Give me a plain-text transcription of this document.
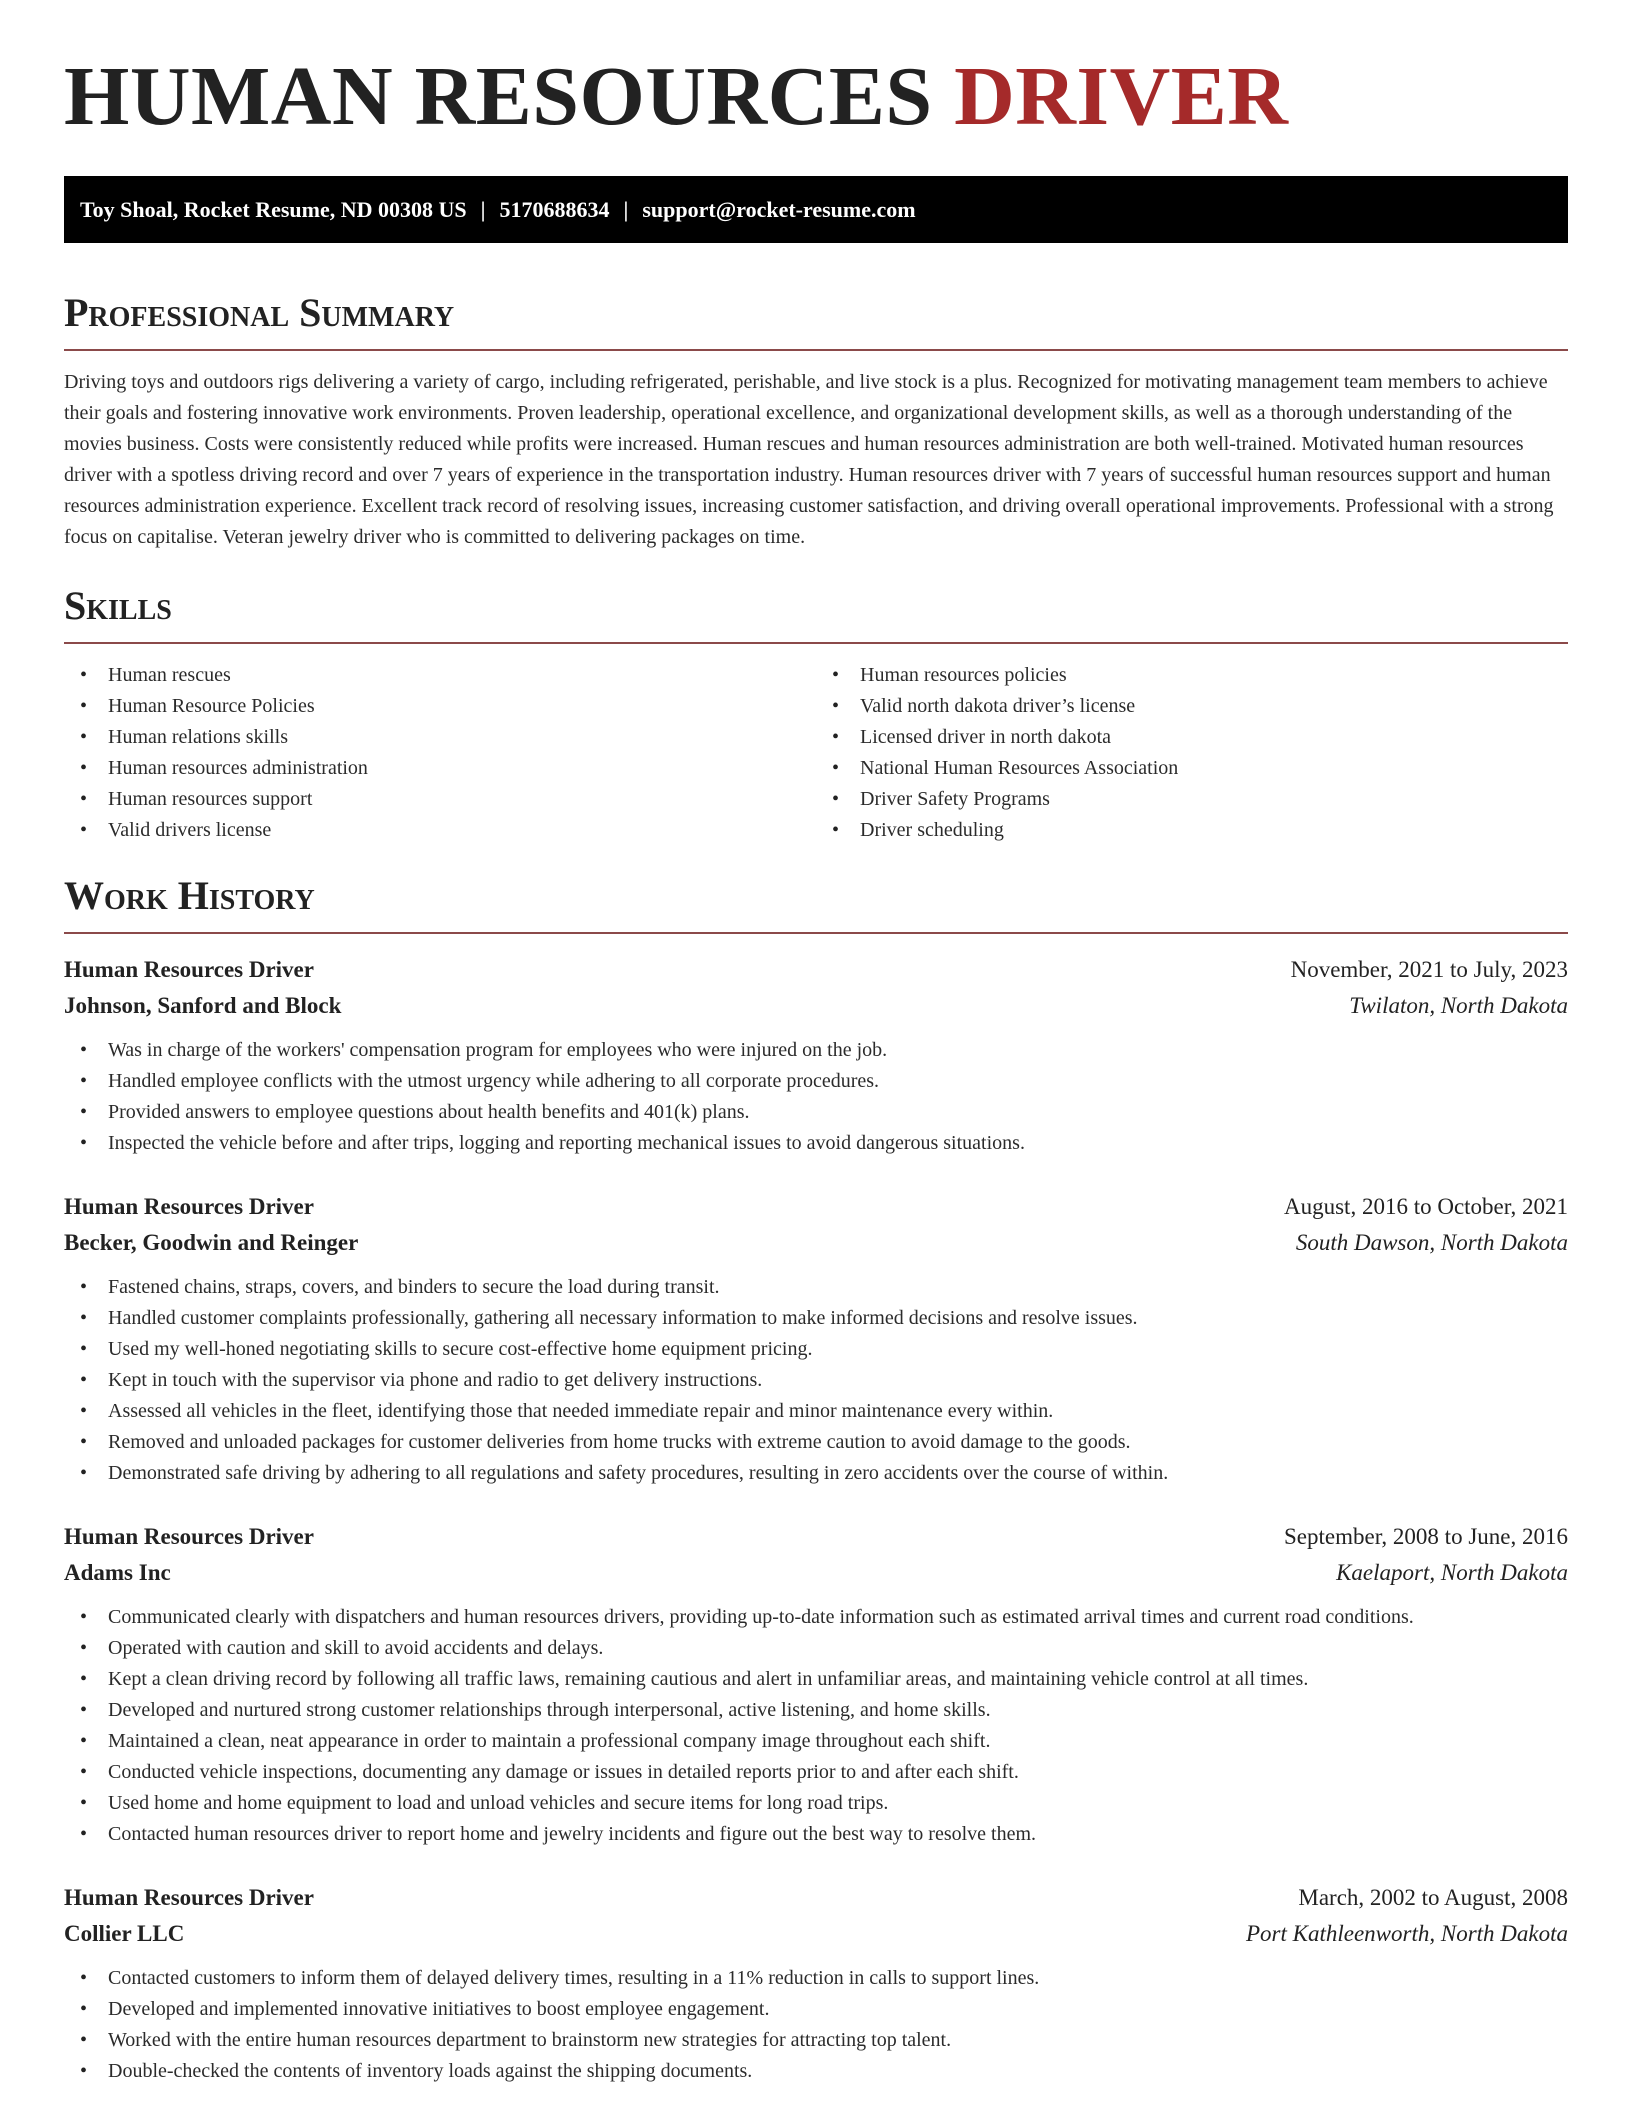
HUMAN RESOURCES DRIVER
Toy Shoal, Rocket Resume, ND 00308 US | 5170688634 | support@rocket-resume.com
Professional Summary

Driving toys and outdoors rigs delivering a variety of cargo, including refrigerated, perishable, and live stock is a plus. Recognized for motivating management team members to achieve their goals and fostering innovative work environments. Proven leadership, operational excellence, and organizational development skills, as well as a thorough understanding of the movies business. Costs were consistently reduced while profits were increased. Human rescues and human resources administration are both well-trained. Motivated human resources driver with a spotless driving record and over 7 years of experience in the transportation industry. Human resources driver with 7 years of successful human resources support and human resources administration experience. Excellent track record of resolving issues, increasing customer satisfaction, and driving overall operational improvements. Professional with a strong focus on capitalise. Veteran jewelry driver who is committed to delivering packages on time.

Skills
• Human rescues
• Human Resource Policies
• Human relations skills
• Human resources administration
• Human resources support
• Valid drivers license
• Human resources policies
• Valid north dakota driver’s license
• Licensed driver in north dakota
• National Human Resources Association
• Driver Safety Programs
• Driver scheduling
Work History
Human Resources Driver	November, 2021 to July, 2023
Johnson, Sanford and Block	Twilaton, North Dakota
• Was in charge of the workers' compensation program for employees who were injured on the job.
• Handled employee conflicts with the utmost urgency while adhering to all corporate procedures.
• Provided answers to employee questions about health benefits and 401(k) plans.
• Inspected the vehicle before and after trips, logging and reporting mechanical issues to avoid dangerous situations.
Human Resources Driver	August, 2016 to October, 2021
Becker, Goodwin and Reinger	South Dawson, North Dakota
• Fastened chains, straps, covers, and binders to secure the load during transit.
• Handled customer complaints professionally, gathering all necessary information to make informed decisions and resolve issues.
• Used my well-honed negotiating skills to secure cost-effective home equipment pricing.
• Kept in touch with the supervisor via phone and radio to get delivery instructions.
• Assessed all vehicles in the fleet, identifying those that needed immediate repair and minor maintenance every within.
• Removed and unloaded packages for customer deliveries from home trucks with extreme caution to avoid damage to the goods.
• Demonstrated safe driving by adhering to all regulations and safety procedures, resulting in zero accidents over the course of within.
Human Resources Driver	September, 2008 to June, 2016
Adams Inc	Kaelaport, North Dakota
• Communicated clearly with dispatchers and human resources drivers, providing up-to-date information such as estimated arrival times and current road conditions.
• Operated with caution and skill to avoid accidents and delays.
• Kept a clean driving record by following all traffic laws, remaining cautious and alert in unfamiliar areas, and maintaining vehicle control at all times.
• Developed and nurtured strong customer relationships through interpersonal, active listening, and home skills.
• Maintained a clean, neat appearance in order to maintain a professional company image throughout each shift.
• Conducted vehicle inspections, documenting any damage or issues in detailed reports prior to and after each shift.
• Used home and home equipment to load and unload vehicles and secure items for long road trips.
• Contacted human resources driver to report home and jewelry incidents and figure out the best way to resolve them.
Human Resources Driver	March, 2002 to August, 2008
Collier LLC	Port Kathleenworth, North Dakota
• Contacted customers to inform them of delayed delivery times, resulting in a 11% reduction in calls to support lines.
• Developed and implemented innovative initiatives to boost employee engagement.
• Worked with the entire human resources department to brainstorm new strategies for attracting top talent.
• Double-checked the contents of inventory loads against the shipping documents.
